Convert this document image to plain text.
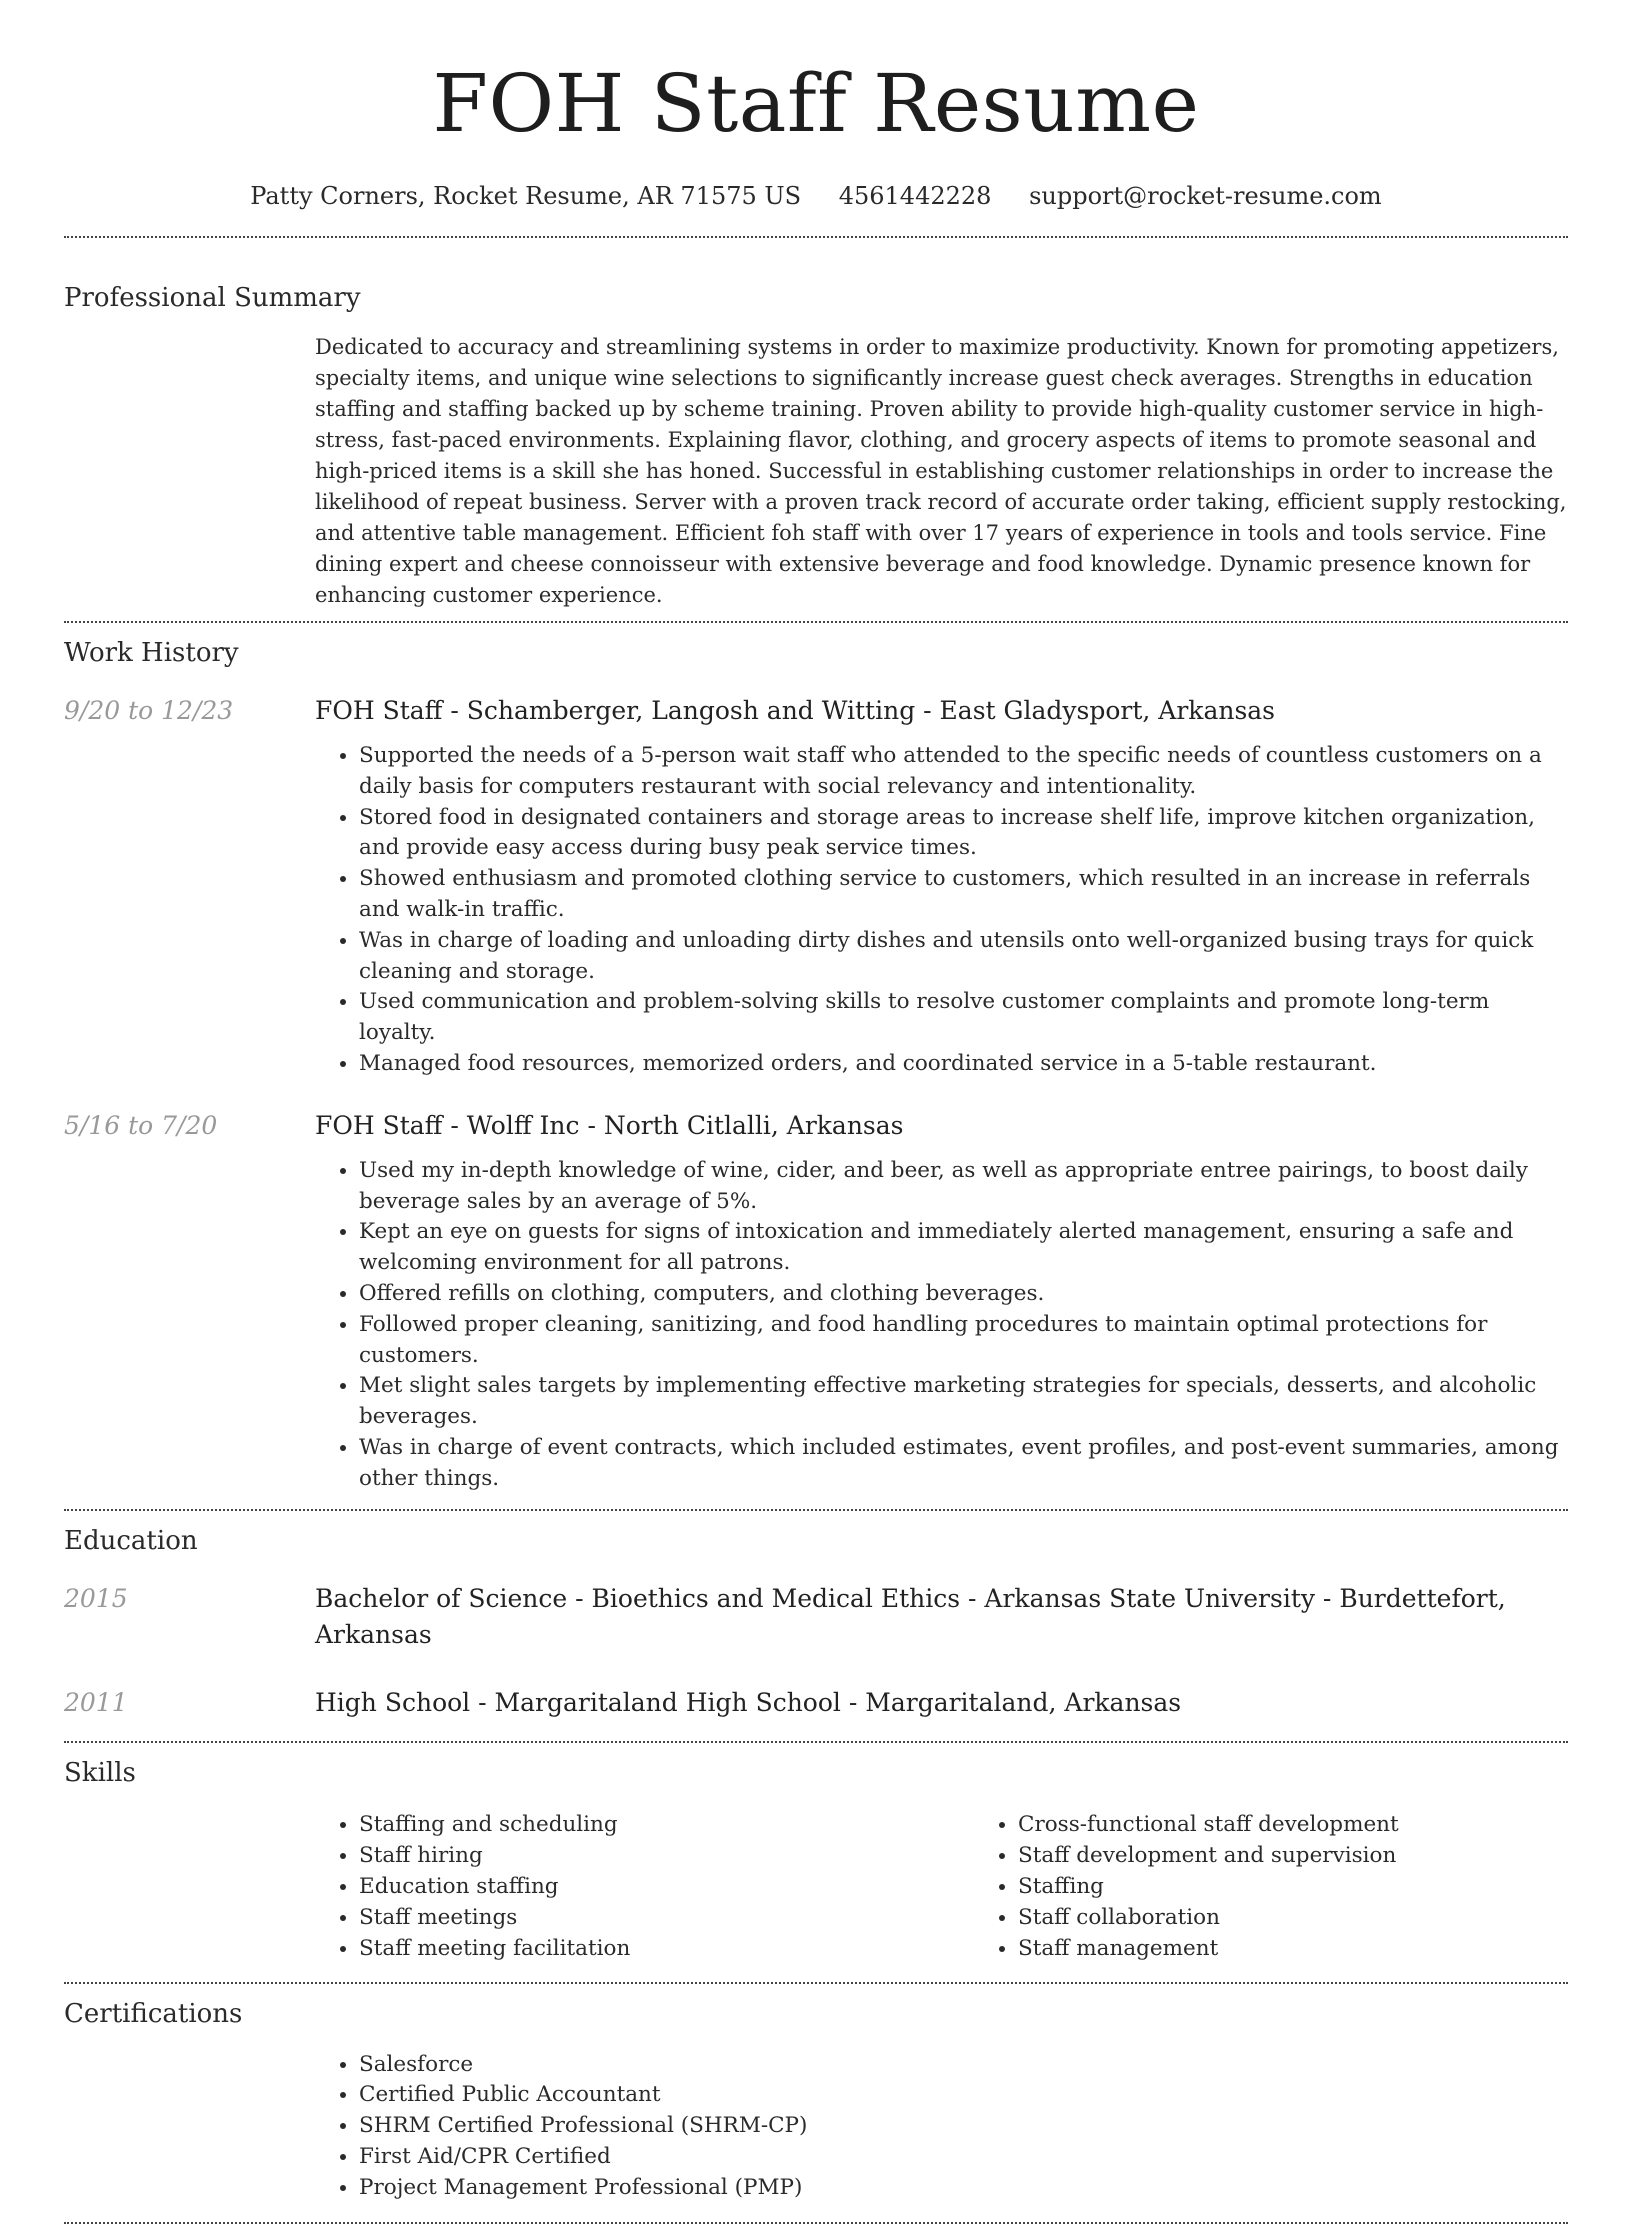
FOH Staff Resume
Patty Corners, Rocket Resume, AR 71575 US 4561442228 support@rocket-resume.com
Professional Summary

Dedicated to accuracy and streamlining systems in order to maximize productivity. Known for promoting appetizers, specialty items, and unique wine selections to significantly increase guest check averages. Strengths in education staffing and staffing backed up by scheme training. Proven ability to provide high-quality customer service in high-stress, fast-paced environments. Explaining flavor, clothing, and grocery aspects of items to promote seasonal and high-priced items is a skill she has honed. Successful in establishing customer relationships in order to increase the likelihood of repeat business. Server with a proven track record of accurate order taking, efficient supply restocking, and attentive table management. Efficient foh staff with over 17 years of experience in tools and tools service. Fine dining expert and cheese connoisseur with extensive beverage and food knowledge. Dynamic presence known for enhancing customer experience.

Work History
9/20 to 12/23	FOH Staff - Schamberger, Langosh and Witting - East Gladysport, Arkansas
• Supported the needs of a 5-person wait staff who attended to the specific needs of countless customers on a daily basis for computers restaurant with social relevancy and intentionality.
• Stored food in designated containers and storage areas to increase shelf life, improve kitchen organization, and provide easy access during busy peak service times.
• Showed enthusiasm and promoted clothing service to customers, which resulted in an increase in referrals and walk-in traffic.
• Was in charge of loading and unloading dirty dishes and utensils onto well-organized busing trays for quick cleaning and storage.
• Used communication and problem-solving skills to resolve customer complaints and promote long-term loyalty.
• Managed food resources, memorized orders, and coordinated service in a 5-table restaurant.
5/16 to 7/20	FOH Staff - Wolff Inc - North Citlalli, Arkansas
• Used my in-depth knowledge of wine, cider, and beer, as well as appropriate entree pairings, to boost daily beverage sales by an average of 5%.
• Kept an eye on guests for signs of intoxication and immediately alerted management, ensuring a safe and welcoming environment for all patrons.
• Offered refills on clothing, computers, and clothing beverages.
• Followed proper cleaning, sanitizing, and food handling procedures to maintain optimal protections for customers.
• Met slight sales targets by implementing effective marketing strategies for specials, desserts, and alcoholic beverages.
• Was in charge of event contracts, which included estimates, event profiles, and post-event summaries, among other things.
Education
2015	Bachelor of Science - Bioethics and Medical Ethics - Arkansas State University - Burdettefort, Arkansas
2011	High School - Margaritaland High School - Margaritaland, Arkansas
Skills
• Staffing and scheduling
• Staff hiring
• Education staffing
• Staff meetings
• Staff meeting facilitation
• Cross-functional staff development
• Staff development and supervision
• Staffing
• Staff collaboration
• Staff management
Certifications
• Salesforce
• Certified Public Accountant
• SHRM Certified Professional (SHRM-CP)
• First Aid/CPR Certified
• Project Management Professional (PMP)
